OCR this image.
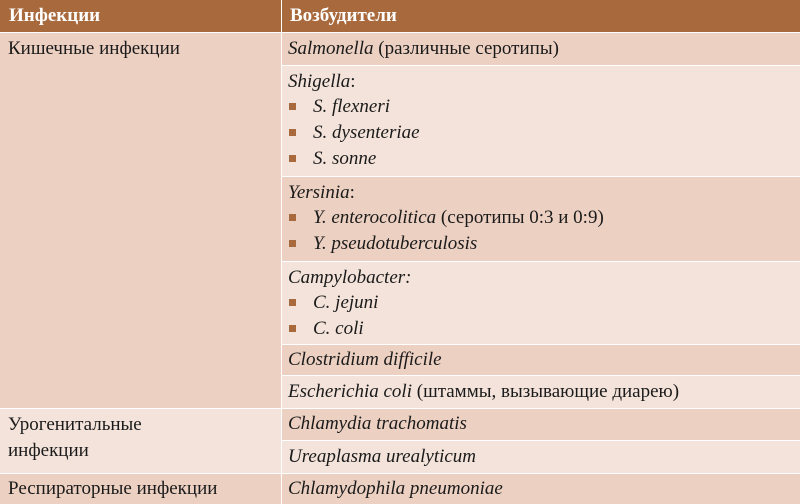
Инфекции	Возбудители
Кишечные инфекции
Урогенитальные
инфекции
Респираторные инфекции
Salmonella (различные серотипы)
Shigella:
S. flexneri
S. dysenteriae
S. sonne
Yersinia:
Y. enterocolitica (серотипы 0:3 и 0:9)
Y. pseudotuberculosis
Campylobacter:
C. jejuni
C. coli
Clostridium difficile
Escherichia coli (штаммы, вызывающие диарею)
Chlamydia trachomatis
Ureaplasma urealyticum
Chlamydophila pneumoniae
